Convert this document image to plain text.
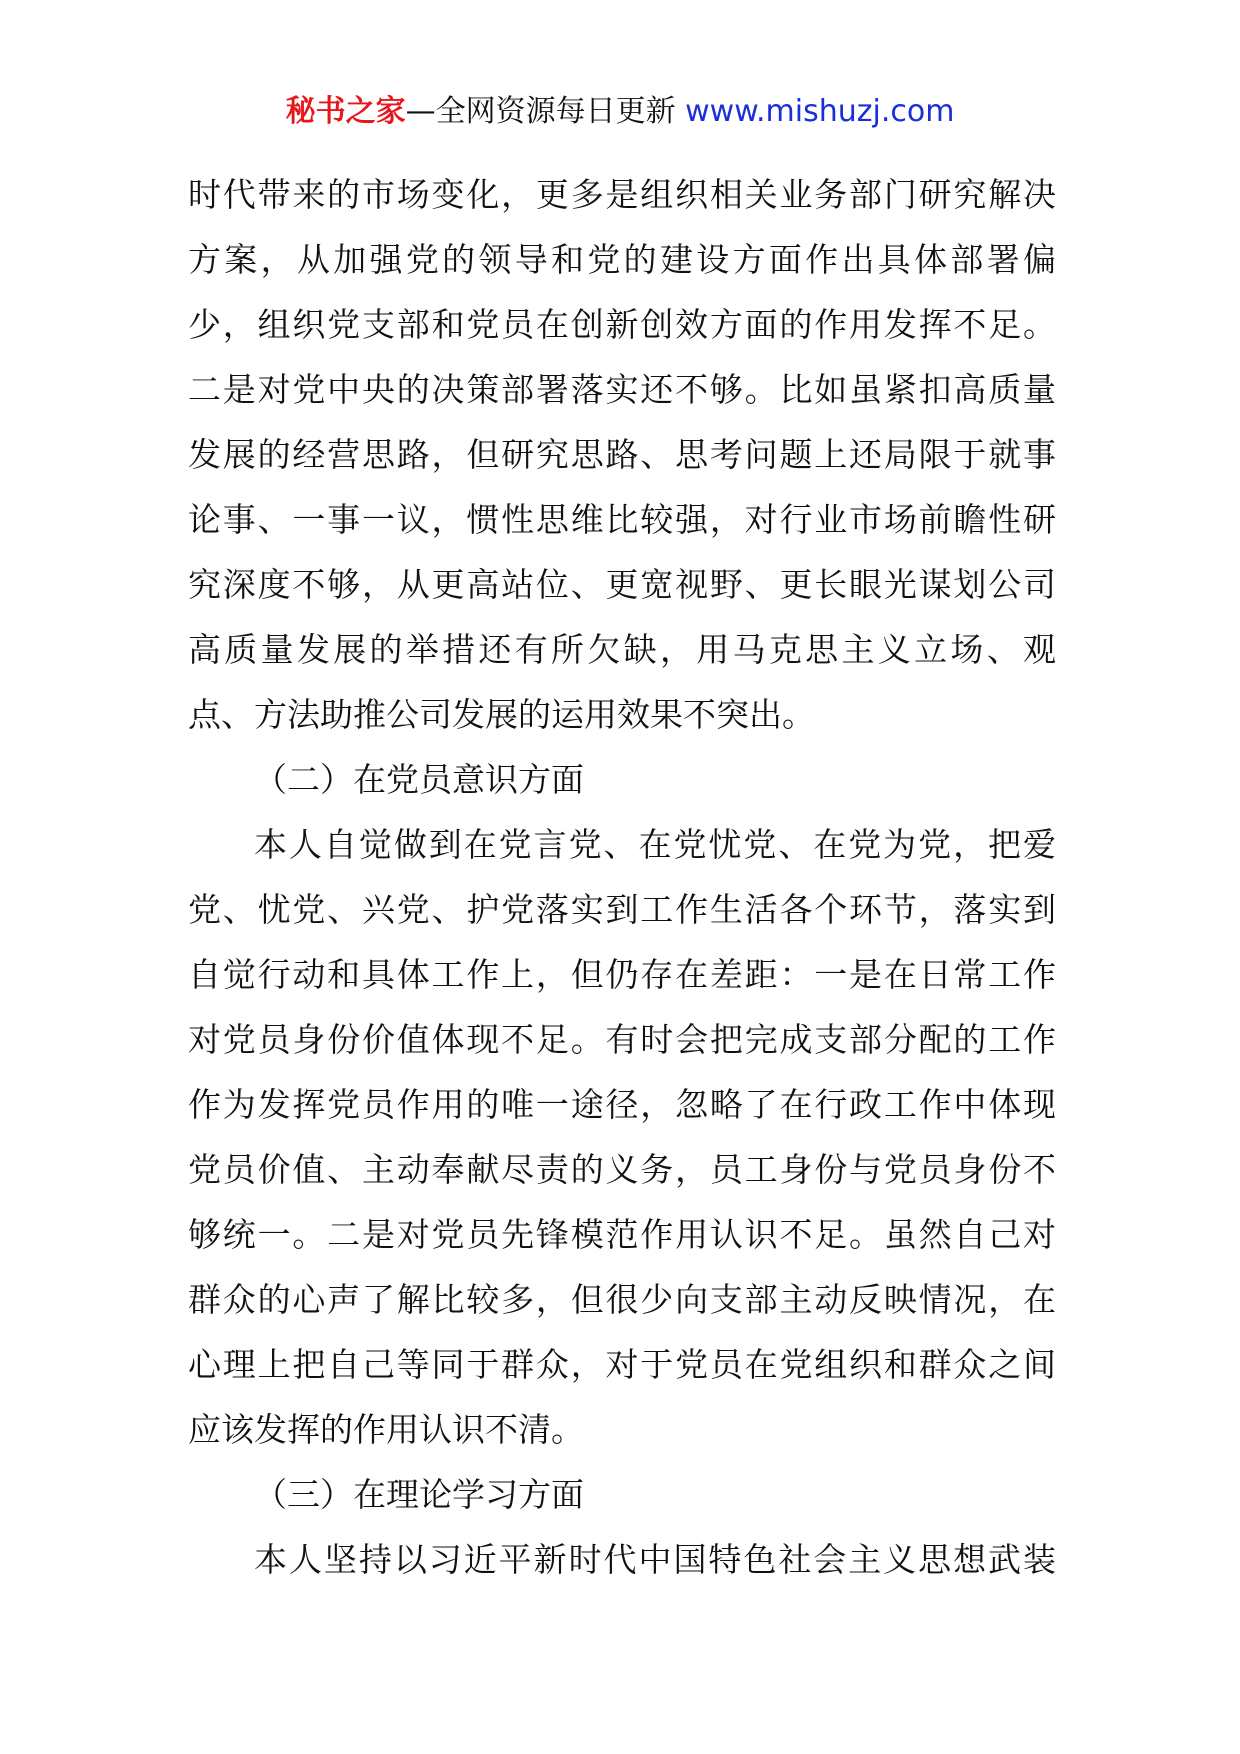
秘书之家—全网资源每日更新 www.mishuzj.com
时代带来的市场变化，更多是组织相关业务部门研究解决
方案，从加强党的领导和党的建设方面作出具体部署偏
少，组织党支部和党员在创新创效方面的作用发挥不足。
二是对党中央的决策部署落实还不够。比如虽紧扣高质量
发展的经营思路，但研究思路、思考问题上还局限于就事
论事、一事一议，惯性思维比较强，对行业市场前瞻性研
究深度不够，从更高站位、更宽视野、更长眼光谋划公司
高质量发展的举措还有所欠缺，用马克思主义立场、观
点、方法助推公司发展的运用效果不突出。
（二）在党员意识方面
本人自觉做到在党言党、在党忧党、在党为党，把爱
党、忧党、兴党、护党落实到工作生活各个环节，落实到
自觉行动和具体工作上，但仍存在差距：一是在日常工作
对党员身份价值体现不足。有时会把完成支部分配的工作
作为发挥党员作用的唯一途径，忽略了在行政工作中体现
党员价值、主动奉献尽责的义务，员工身份与党员身份不
够统一。二是对党员先锋模范作用认识不足。虽然自己对
群众的心声了解比较多，但很少向支部主动反映情况，在
心理上把自己等同于群众，对于党员在党组织和群众之间
应该发挥的作用认识不清。
（三）在理论学习方面
本人坚持以习近平新时代中国特色社会主义思想武装
